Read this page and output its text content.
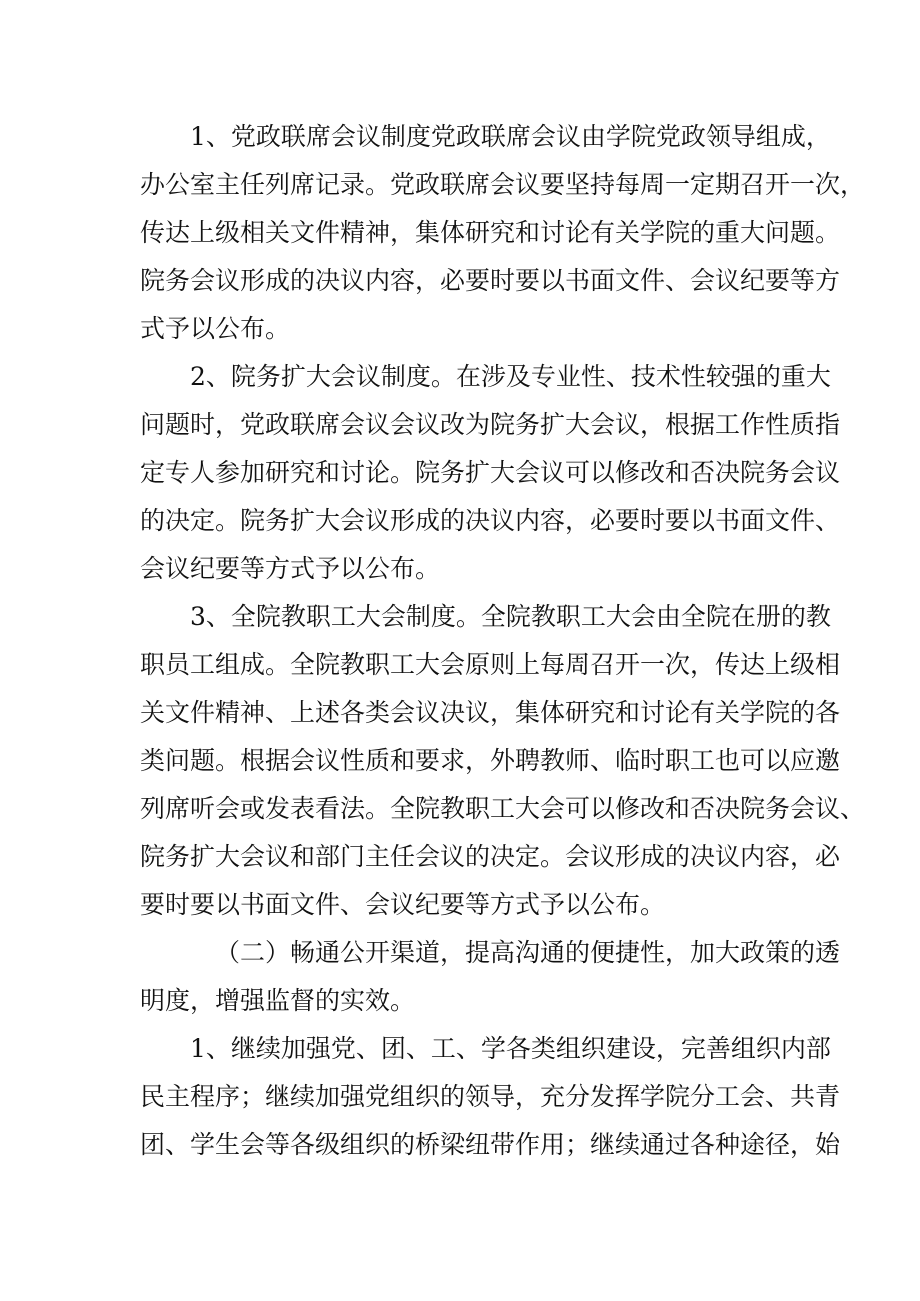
1、党政联席会议制度党政联席会议由学院党政领导组成，
办公室主任列席记录。党政联席会议要坚持每周一定期召开一次，
传达上级相关文件精神，集体研究和讨论有关学院的重大问题。
院务会议形成的决议内容，必要时要以书面文件、会议纪要等方
式予以公布。
2、院务扩大会议制度。在涉及专业性、技术性较强的重大
问题时，党政联席会议会议改为院务扩大会议，根据工作性质指
定专人参加研究和讨论。院务扩大会议可以修改和否决院务会议
的决定。院务扩大会议形成的决议内容，必要时要以书面文件、
会议纪要等方式予以公布。
3、全院教职工大会制度。全院教职工大会由全院在册的教
职员工组成。全院教职工大会原则上每周召开一次，传达上级相
关文件精神、上述各类会议决议，集体研究和讨论有关学院的各
类问题。根据会议性质和要求，外聘教师、临时职工也可以应邀
列席听会或发表看法。全院教职工大会可以修改和否决院务会议、
院务扩大会议和部门主任会议的决定。会议形成的决议内容，必
要时要以书面文件、会议纪要等方式予以公布。
（二）畅通公开渠道，提高沟通的便捷性，加大政策的透
明度，增强监督的实效。
1、继续加强党、团、工、学各类组织建设，完善组织内部
民主程序；继续加强党组织的领导，充分发挥学院分工会、共青
团、学生会等各级组织的桥梁纽带作用；继续通过各种途径，始
